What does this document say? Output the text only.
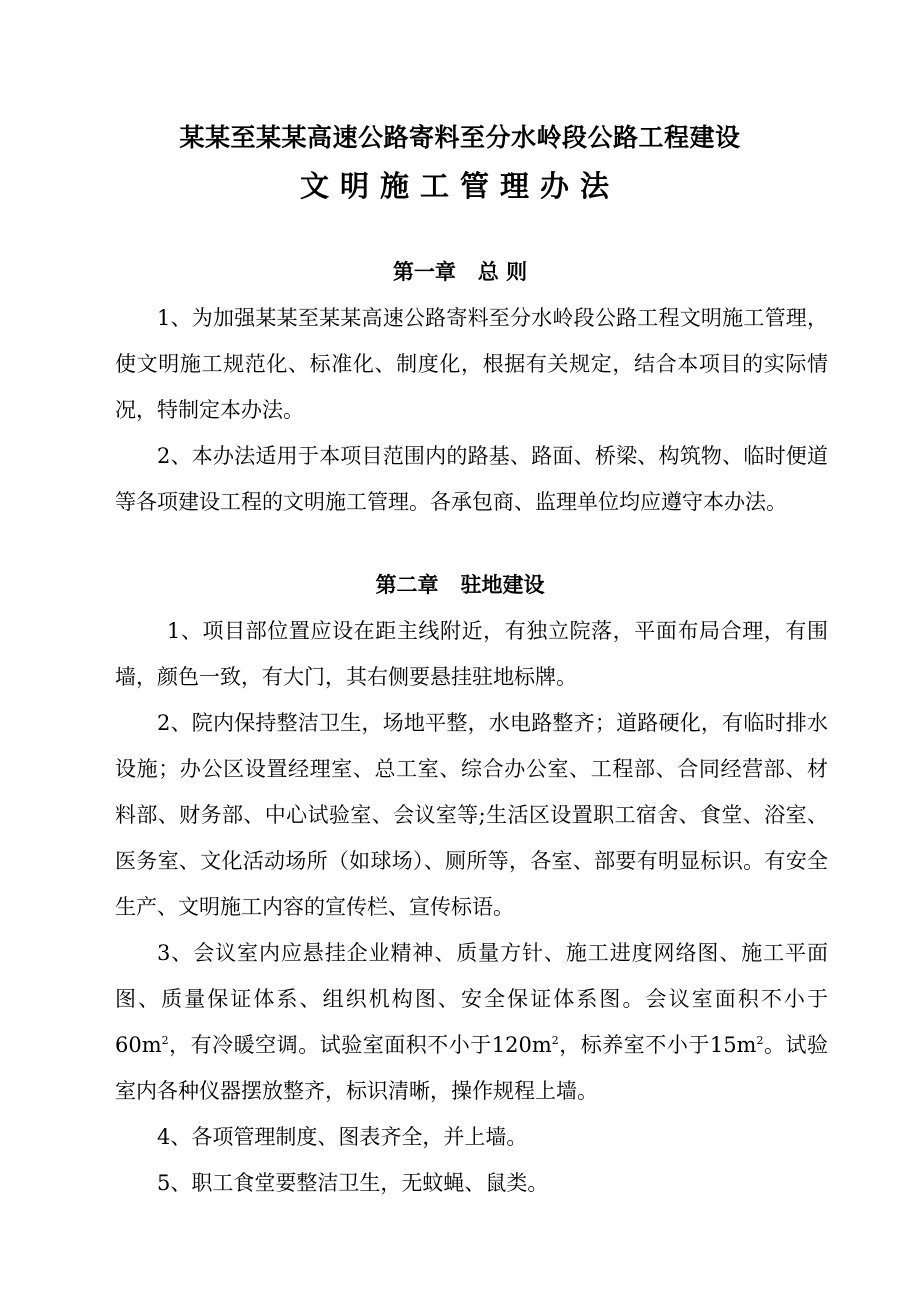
某某至某某高速公路寄料至分水岭段公路工程建设
文明施工管理办法
第一章   总 则

1、为加强某某至某某高速公路寄料至分水岭段公路工程文明施工管理，使文明施工规范化、标准化、制度化，根据有关规定，结合本项目的实际情况，特制定本办法。

2、本办法适用于本项目范围内的路基、路面、桥梁、构筑物、临时便道等各项建设工程的文明施工管理。各承包商、监理单位均应遵守本办法。

第二章   驻地建设

1、项目部位置应设在距主线附近，有独立院落，平面布局合理，有围墙，颜色一致，有大门，其右侧要悬挂驻地标牌。

2、院内保持整洁卫生，场地平整，水电路整齐；道路硬化，有临时排水设施；办公区设置经理室、总工室、综合办公室、工程部、合同经营部、材料部、财务部、中心试验室、会议室等;生活区设置职工宿舍、食堂、浴室、医务室、文化活动场所（如球场）、厕所等，各室、部要有明显标识。有安全生产、文明施工内容的宣传栏、宣传标语。

3、会议室内应悬挂企业精神、质量方针、施工进度网络图、施工平面图、质量保证体系、组织机构图、安全保证体系图。会议室面积不小于$60m^2$，有冷暖空调。试验室面积不小于$120m^2$，标养室不小于$15m^2$。试验室内各种仪器摆放整齐，标识清晰，操作规程上墙。

4、各项管理制度、图表齐全，并上墙。

5、职工食堂要整洁卫生，无蚊蝇、鼠类。
